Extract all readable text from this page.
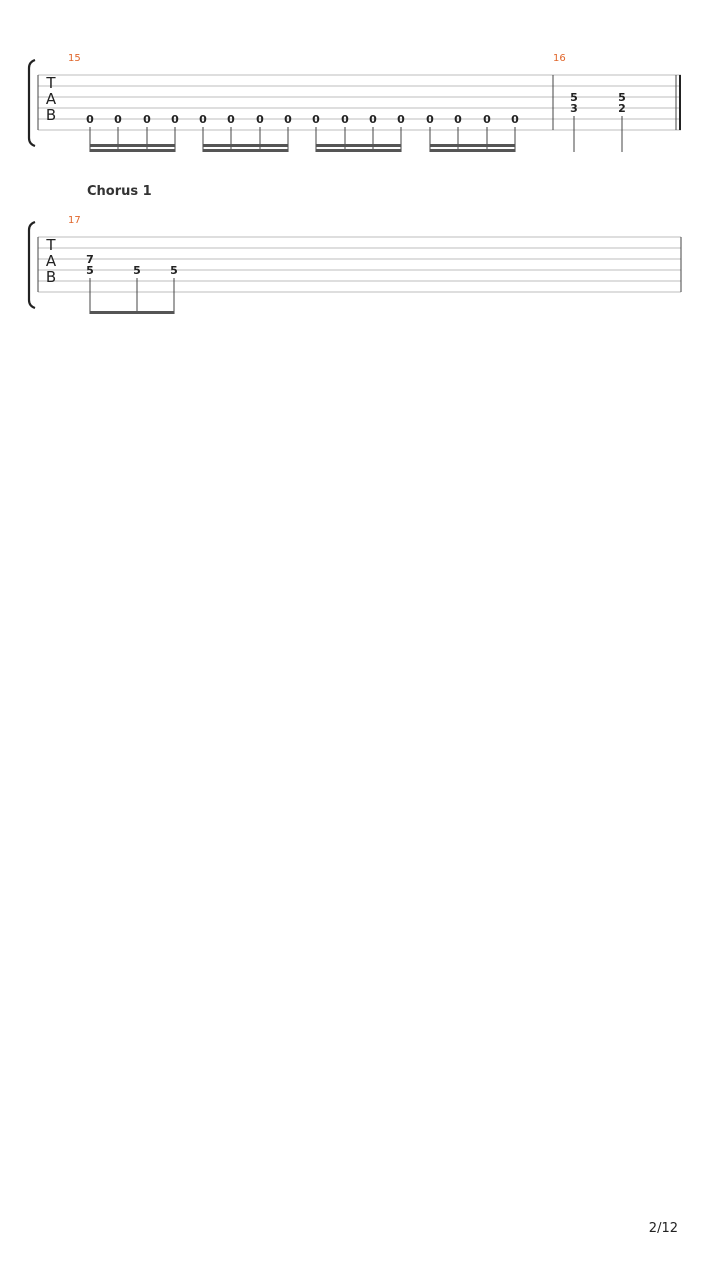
Chorus 1
T
A
B
15
0 0 0 0 0 0 0 0 0 0 0 0 0 0 0 0
16
5
3
5
2
T
A
B
17
7
5	5	5
2/12
